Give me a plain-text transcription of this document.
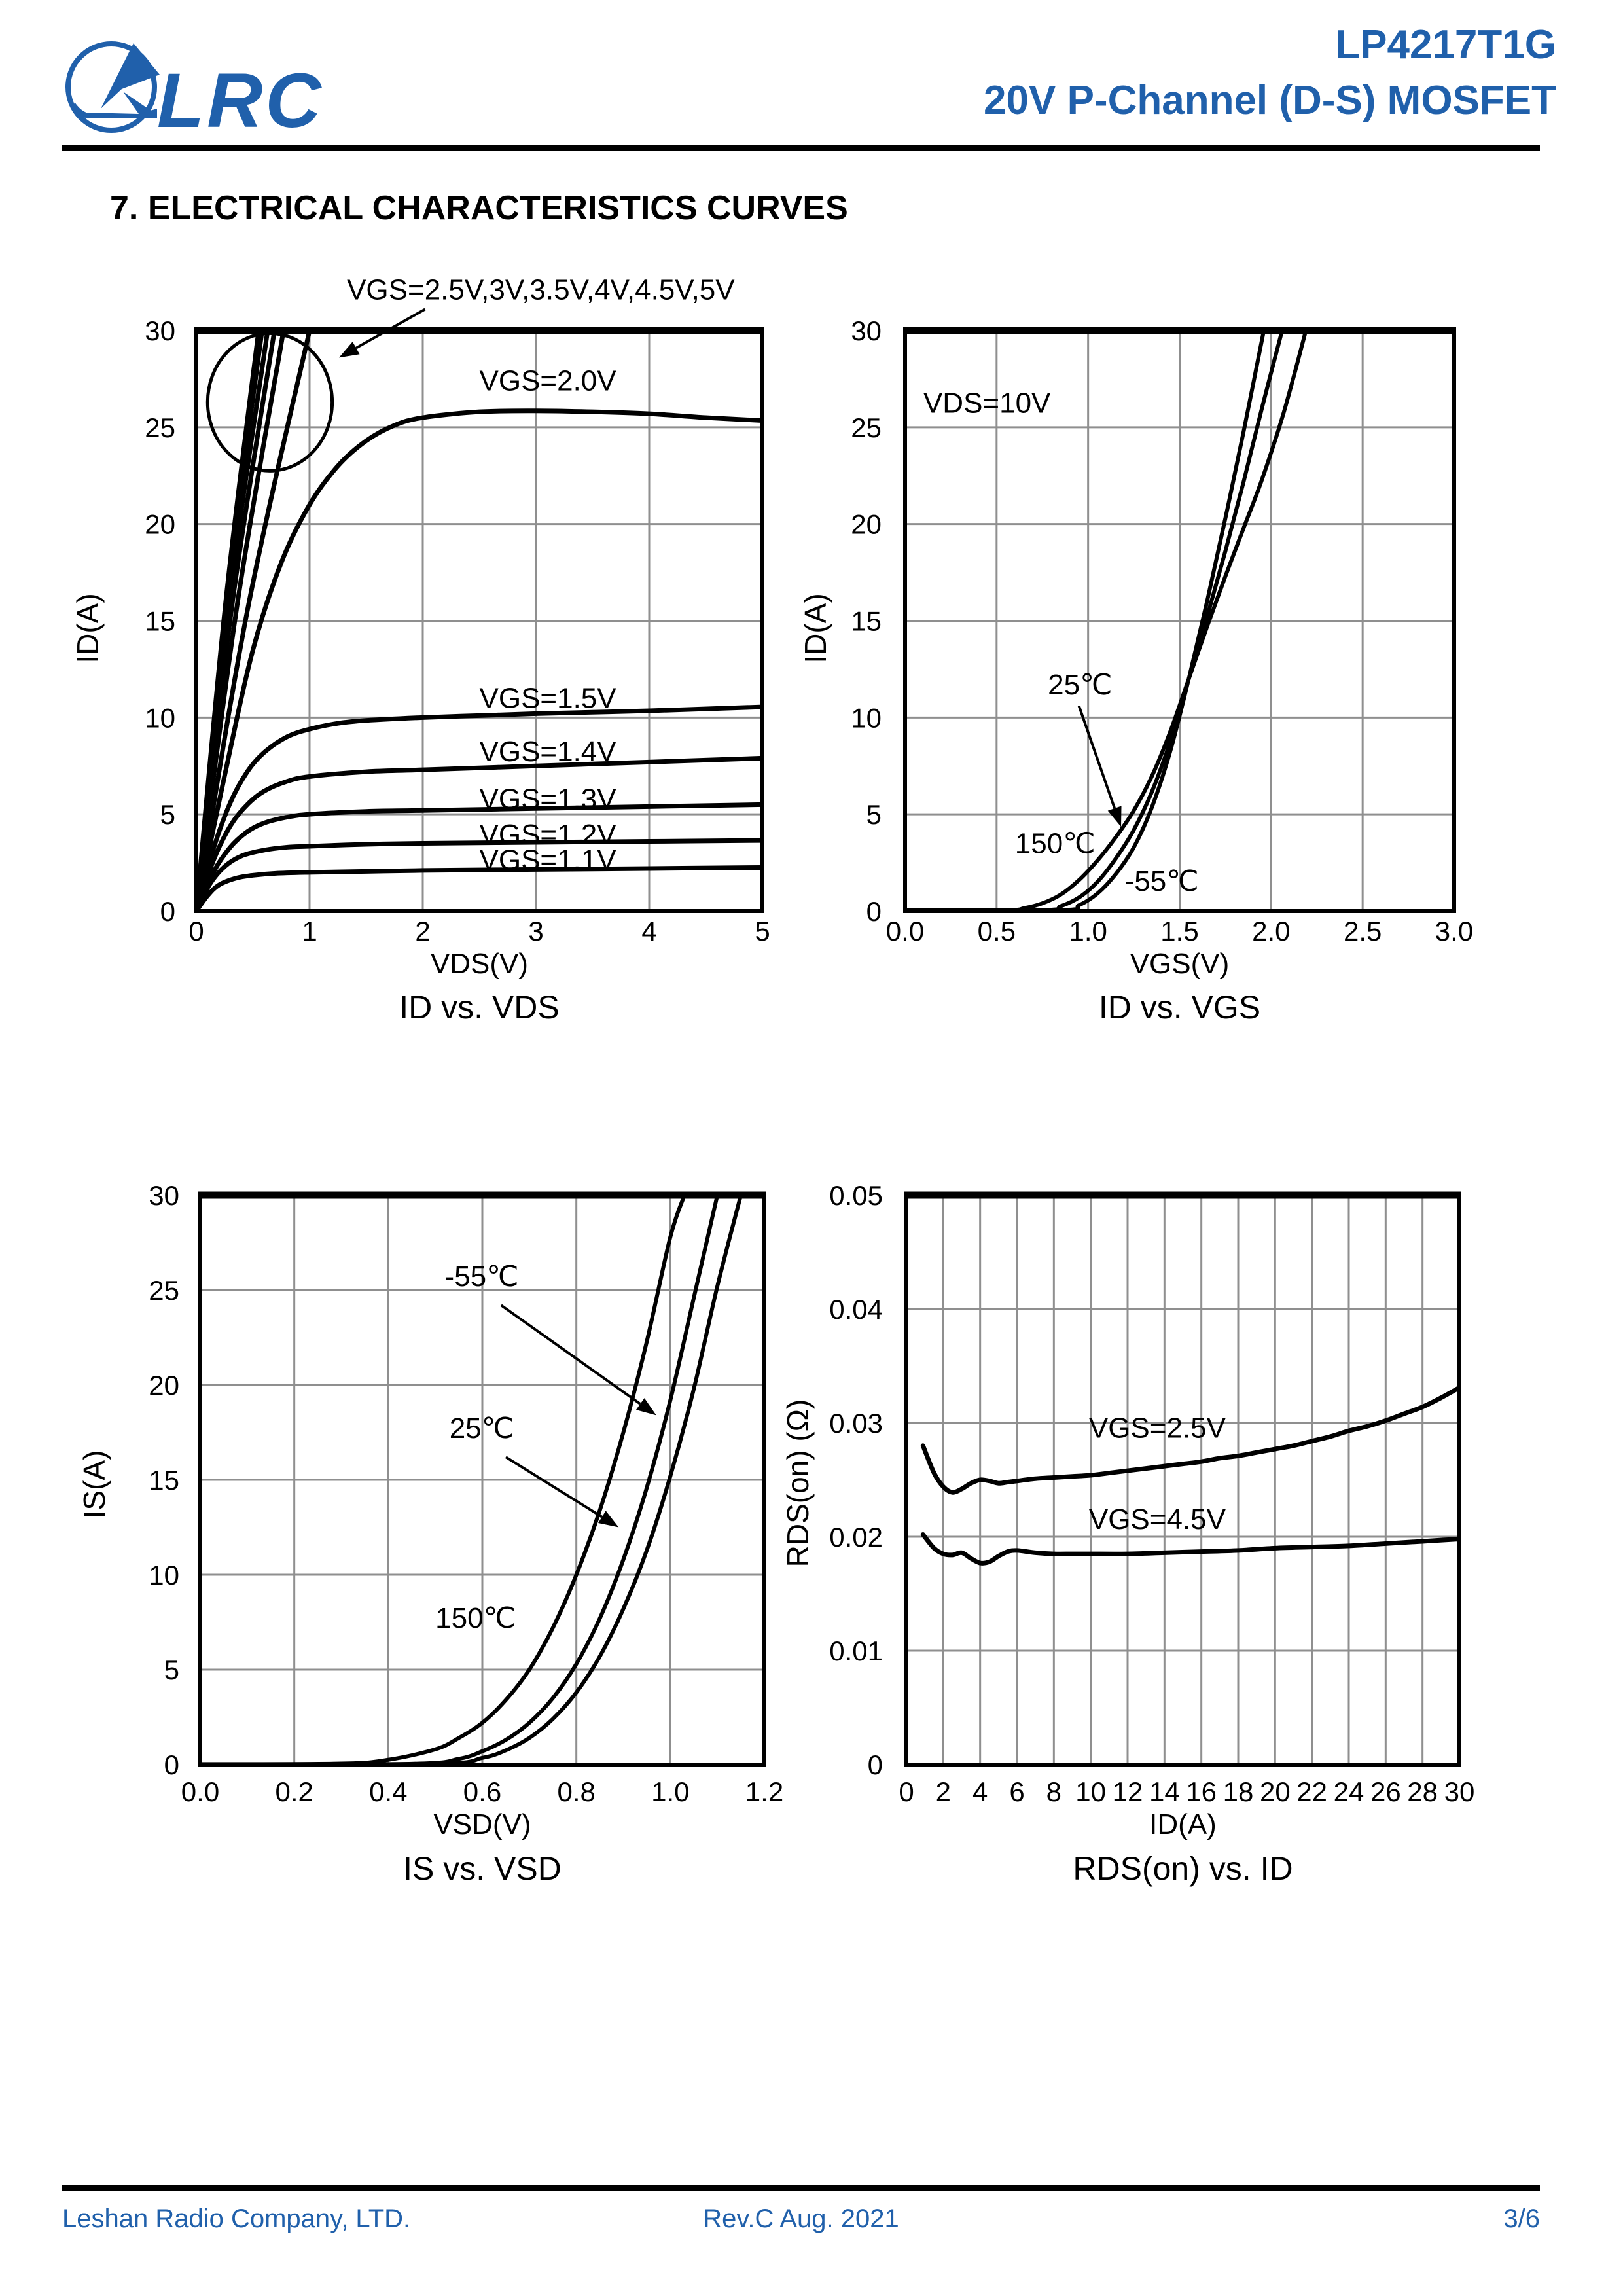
LRC
LP4217T1G
20V P-Channel (D-S) MOSFET
7. ELECTRICAL CHARACTERISTICS CURVES
VGS=2.5V,3V,3.5V,4V,4.5V,5V
VGS=2.0V
VGS=1.5V
VGS=1.4V
VGS=1.3V
VGS=1.2V
VGS=1.1V
0	1	2	3	4	5
0
5
10
15
20
25
30
VDS(V)
ID(A)
ID vs. VDS
VDS=10V
25℃
150℃
-55℃
0.0 0.5 1.0 1.5 2.0 2.5 3.0
0
5
10
15
20
25
30
VGS(V)
ID(A)
ID vs. VGS
-55℃
25℃
150℃
0.0 0.2 0.4 0.6 0.8 1.0 1.2
0
5
10
15
20
25
30
VSD(V)
IS(A)
IS vs. VSD
VGS=2.5V
VGS=4.5V
0 2 4 6 8 10 12 14 16 18 20 22 24 26 28 30
0
0.01
0.02
0.03
0.04
0.05
ID(A)
RDS(on) (Ω)
RDS(on) vs. ID
Leshan Radio Company, LTD.	Rev.C Aug. 2021	3/6
